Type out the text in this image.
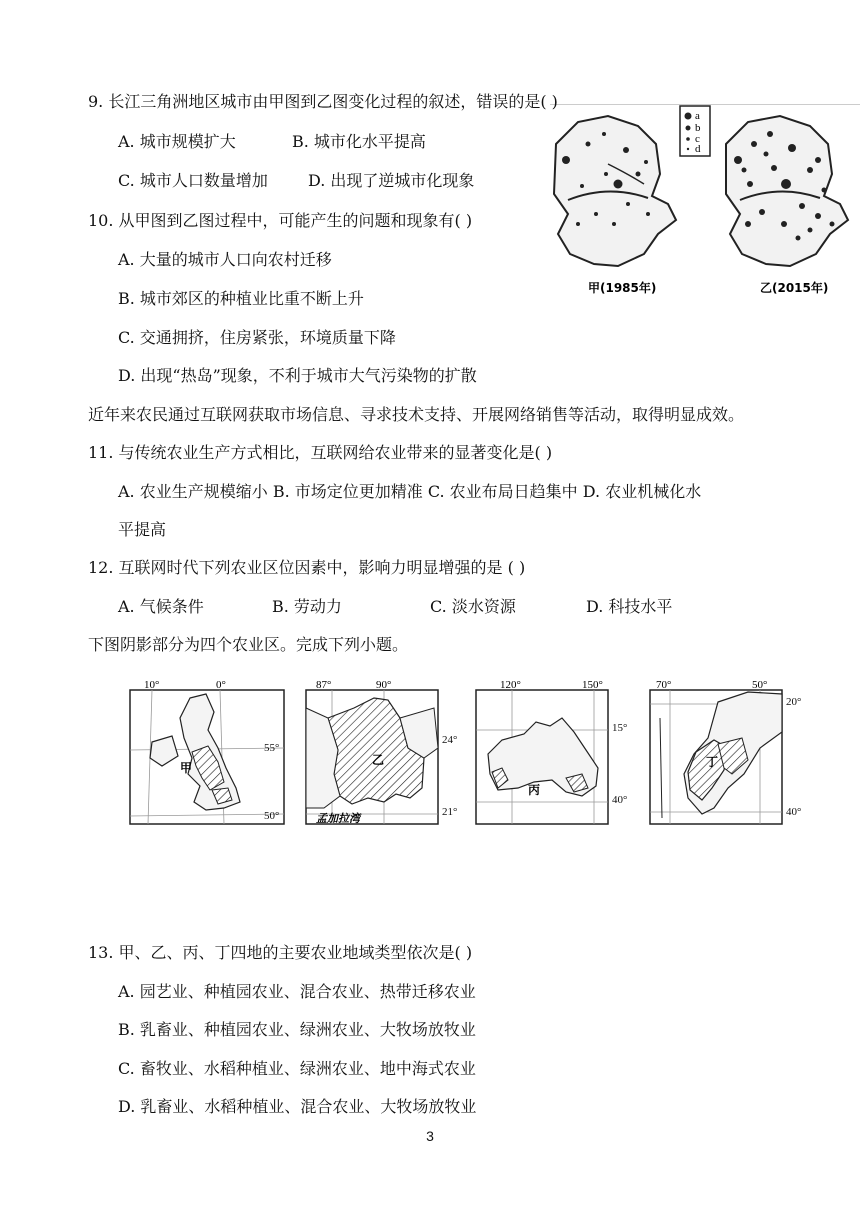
9. 长江三角洲地区城市由甲图到乙图变化过程的叙述，错误的是( )
A. 城市规模扩大	B. 城市化水平提高
C. 城市人口数量增加	D. 出现了逆城市化现象
10. 从甲图到乙图过程中，可能产生的问题和现象有( )
A. 大量的城市人口向农村迁移
B. 城市郊区的种植业比重不断上升
C. 交通拥挤，住房紧张，环境质量下降
D. 出现“热岛”现象，不利于城市大气污染物的扩散
近年来农民通过互联网获取市场信息、寻求技术支持、开展网络销售等活动，取得明显成效。
11. 与传统农业生产方式相比，互联网给农业带来的显著变化是( )
A. 农业生产规模缩小 B. 市场定位更加精准 C. 农业布局日趋集中 D. 农业机械化水
平提高
12. 互联网时代下列农业区位因素中，影响力明显增强的是 ( )
A. 气候条件	B. 劳动力	C. 淡水资源	D. 科技水平
下图阴影部分为四个农业区。完成下列小题。
13. 甲、乙、丙、丁四地的主要农业地域类型依次是( )
A. 园艺业、种植园农业、混合农业、热带迁移农业
B. 乳畜业、种植园农业、绿洲农业、大牧场放牧业
C. 畜牧业、水稻种植业、绿洲农业、地中海式农业
D. 乳畜业、水稻种植业、混合农业、大牧场放牧业
3
a
b
c
d
甲(1985年)	乙(2015年)
甲
10°	0°
55°
50°
乙
87°	90°
孟加拉湾
24°
21°
丙
120°	150°
15°
40°
丁
70°	50°
20°
40°
